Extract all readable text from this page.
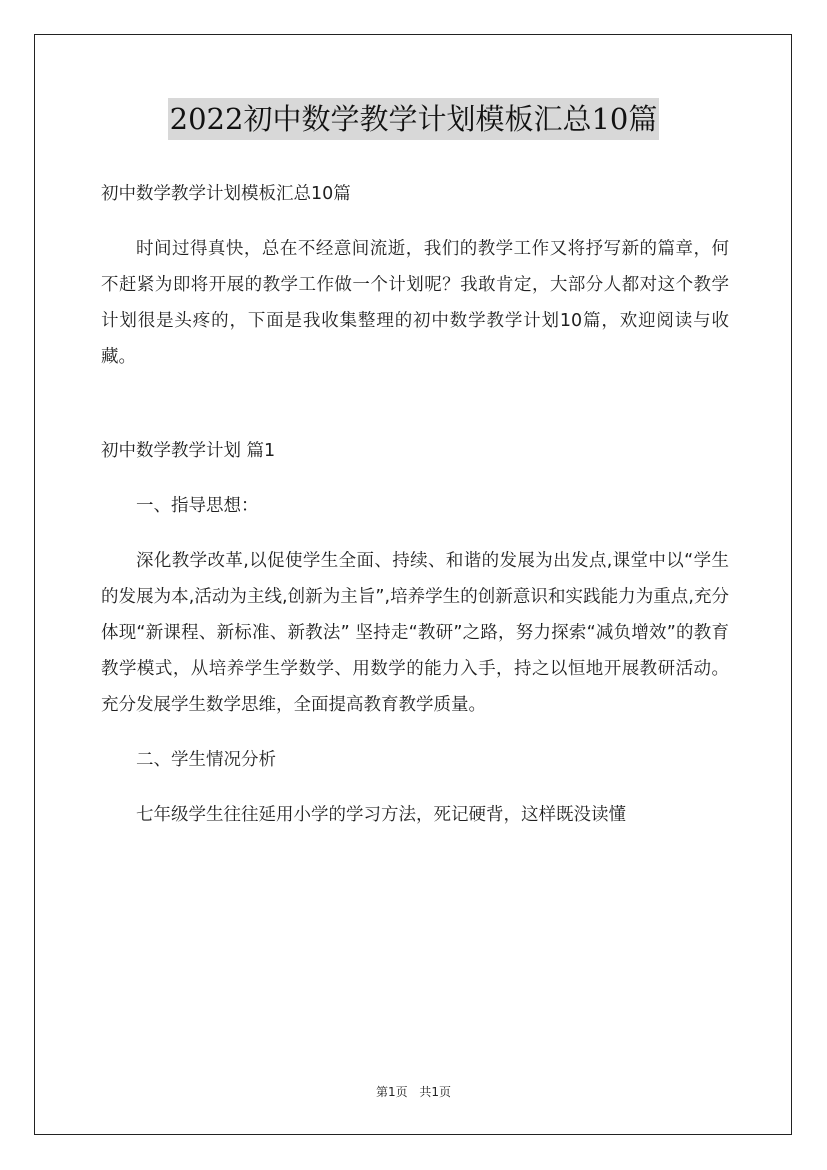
2022初中数学教学计划模板汇总10篇

初中数学教学计划模板汇总10篇

时间过得真快，总在不经意间流逝，我们的教学工作又将抒写新的篇章，何不赶紧为即将开展的教学工作做一个计划呢？我敢肯定，大部分人都对这个教学计划很是头疼的，下面是我收集整理的初中数学教学计划10篇，欢迎阅读与收藏。

初中数学教学计划 篇1

一、指导思想：

深化教学改革,以促使学生全面、持续、和谐的发展为出发点,课堂中以“学生的发展为本,活动为主线,创新为主旨”,培养学生的创新意识和实践能力为重点,充分体现“新课程、新标准、新教法” 坚持走“教研”之路，努力探索“减负增效”的教育教学模式，从培养学生学数学、用数学的能力入手，持之以恒地开展教研活动。充分发展学生数学思维，全面提高教育教学质量。

二、学生情况分析

七年级学生往往延用小学的学习方法，死记硬背，这样既没读懂

第1页 共1页
